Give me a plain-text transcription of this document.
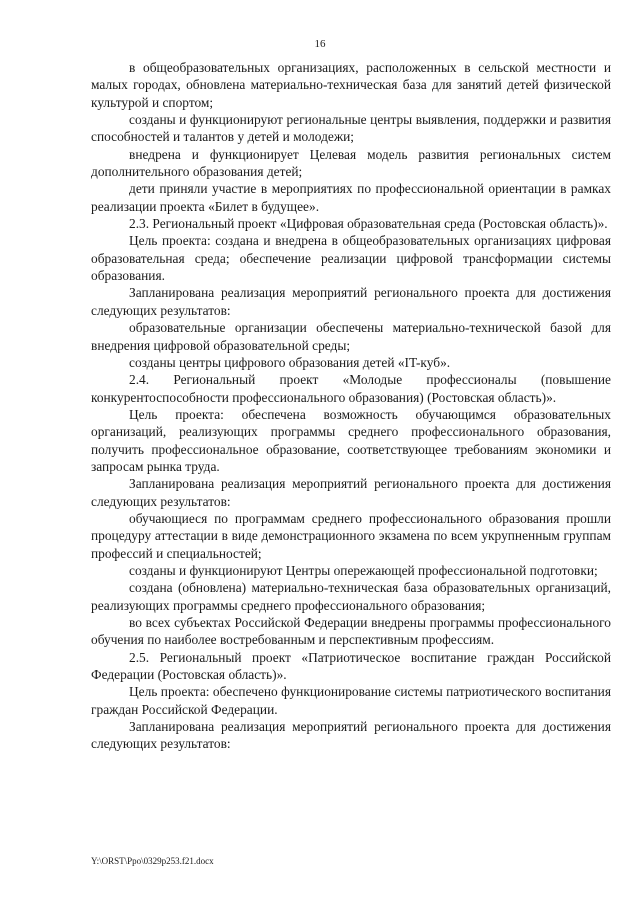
16

в общеобразовательных организациях, расположенных в сельской местности и малых городах, обновлена материально-техническая база для занятий детей физической культурой и спортом;

созданы и функционируют региональные центры выявления, поддержки и развития способностей и талантов у детей и молодежи;

внедрена и функционирует Целевая модель развития региональных систем дополнительного образования детей;

дети приняли участие в мероприятиях по профессиональной ориентации в рамках реализации проекта «Билет в будущее».

2.3. Региональный проект «Цифровая образовательная среда (Ростовская область)».

Цель проекта: создана и внедрена в общеобразовательных организациях цифровая образовательная среда; обеспечение реализации цифровой трансформации системы образования.

Запланирована реализация мероприятий регионального проекта для достижения следующих результатов:

образовательные организации обеспечены материально-технической базой для внедрения цифровой образовательной среды;

созданы центры цифрового образования детей «IT-куб».

2.4. Региональный проект «Молодые профессионалы (повышение конкурентоспособности профессионального образования) (Ростовская область)».

Цель проекта: обеспечена возможность обучающимся образовательных организаций, реализующих программы среднего профессионального образования, получить профессиональное образование, соответствующее требованиям экономики и запросам рынка труда.

Запланирована реализация мероприятий регионального проекта для достижения следующих результатов:

обучающиеся по программам среднего профессионального образования прошли процедуру аттестации в виде демонстрационного экзамена по всем укрупненным группам профессий и специальностей;

созданы и функционируют Центры опережающей профессиональной подготовки;

создана (обновлена) материально-техническая база образовательных организаций, реализующих программы среднего профессионального образования;

во всех субъектах Российской Федерации внедрены программы профессионального обучения по наиболее востребованным и перспективным профессиям.

2.5. Региональный проект «Патриотическое воспитание граждан Российской Федерации (Ростовская область)».

Цель проекта: обеспечено функционирование системы патриотического воспитания граждан Российской Федерации.

Запланирована реализация мероприятий регионального проекта для достижения следующих результатов:

Y:\ORST\Ppo\0329p253.f21.docx
